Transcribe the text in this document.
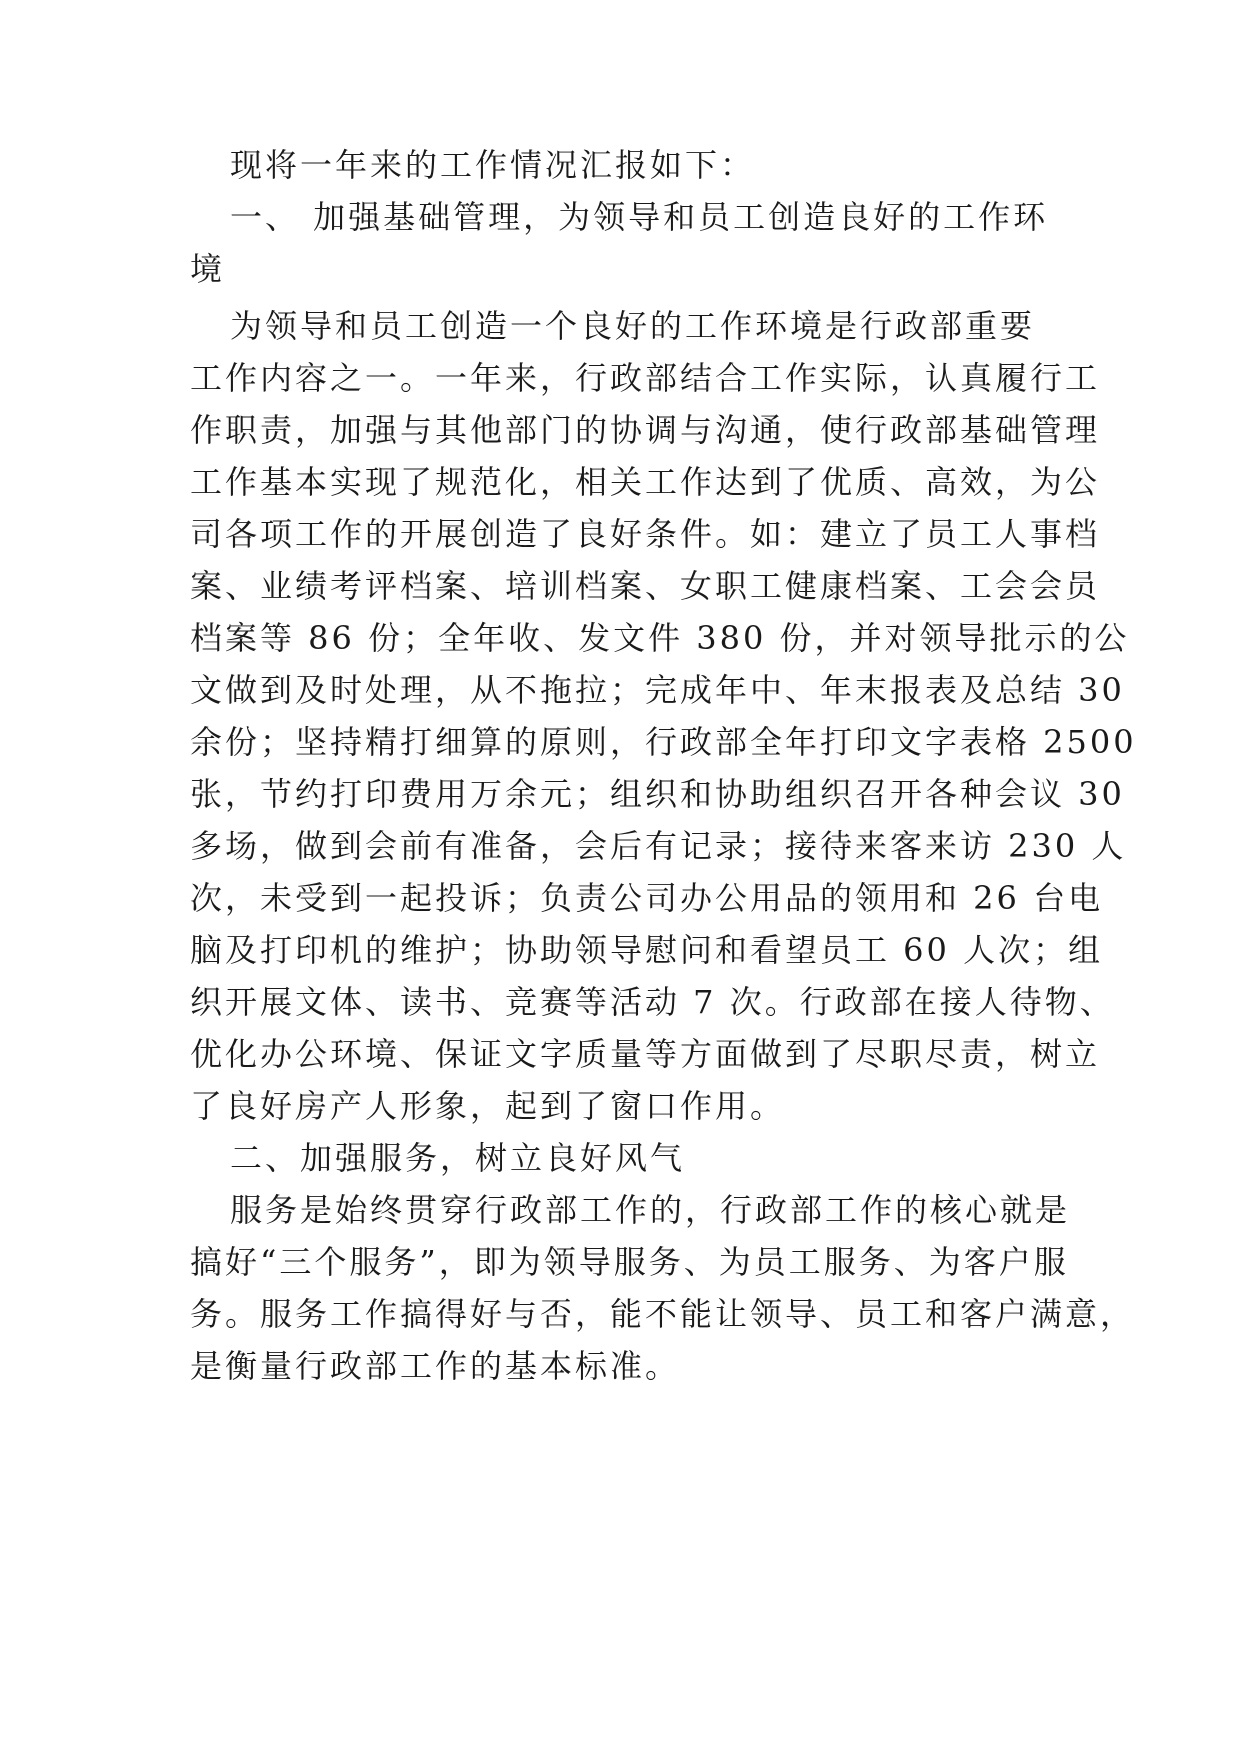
现将一年来的工作情况汇报如下：
一、 加强基础管理，为领导和员工创造良好的工作环
境
为领导和员工创造一个良好的工作环境是行政部重要
工作内容之一。一年来，行政部结合工作实际，认真履行工
作职责，加强与其他部门的协调与沟通，使行政部基础管理
工作基本实现了规范化，相关工作达到了优质、高效，为公
司各项工作的开展创造了良好条件。如：建立了员工人事档
案、业绩考评档案、培训档案、女职工健康档案、工会会员
档案等 86 份；全年收、发文件 380 份，并对领导批示的公
文做到及时处理，从不拖拉；完成年中、年末报表及总结 30
余份；坚持精打细算的原则，行政部全年打印文字表格 2500
张，节约打印费用万余元；组织和协助组织召开各种会议 30
多场，做到会前有准备，会后有记录；接待来客来访 230 人
次，未受到一起投诉；负责公司办公用品的领用和 26 台电
脑及打印机的维护；协助领导慰问和看望员工 60 人次；组
织开展文体、读书、竞赛等活动 7 次。行政部在接人待物、
优化办公环境、保证文字质量等方面做到了尽职尽责，树立
了良好房产人形象，起到了窗口作用。
二、加强服务，树立良好风气
服务是始终贯穿行政部工作的，行政部工作的核心就是
搞好“三个服务”，即为领导服务、为员工服务、为客户服
务。服务工作搞得好与否，能不能让领导、员工和客户满意，
是衡量行政部工作的基本标准。
